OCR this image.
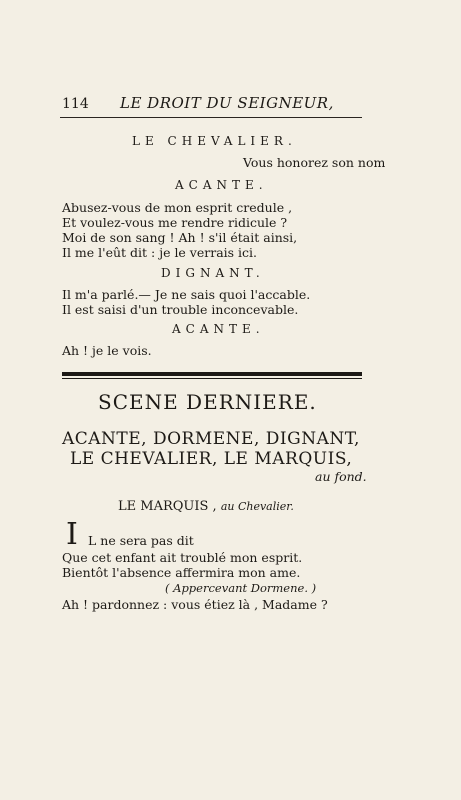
114 LE DROIT DU SEIGNEUR,
LE CHEVALIER.
Vous honorez son nom
ACANTE.
Abusez-vous de mon esprit credule ,
Et voulez-vous me rendre ridicule ?
Moi de son sang ! Ah ! s'il était ainsi,
Il me l'eût dit : je le verrais ici.
DIGNANT.
Il m'a parlé.— Je ne sais quoi l'accable.
Il est saisi d'un trouble inconcevable.
ACANTE.
Ah ! je le vois.
SCENE DERNIERE.
ACANTE, DORMENE, DIGNANT,
LE CHEVALIER, LE MARQUIS,
au fond.
LE MARQUIS , au Chevalier.
I L ne sera pas dit
Que cet enfant ait troublé mon esprit.
Bientôt l'absence affermira mon ame.
( Appercevant Dormene. )
Ah ! pardonnez : vous étiez là , Madame ?
